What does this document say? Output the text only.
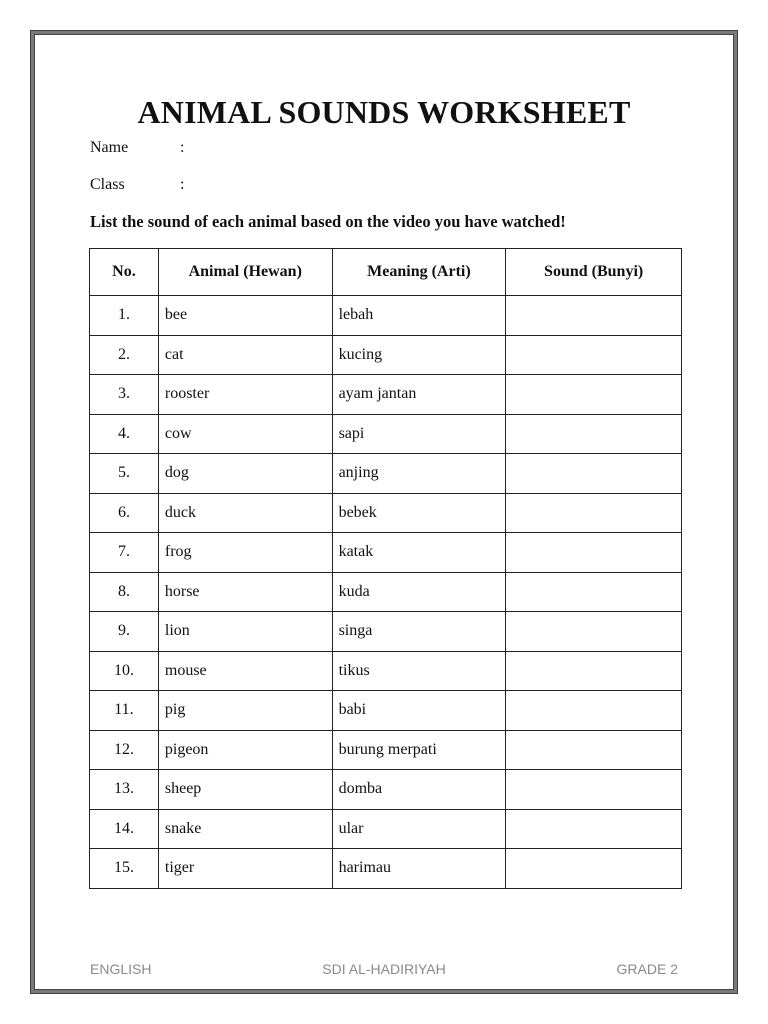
ANIMAL SOUNDS WORKSHEET
Name	:
Class	:
List the sound of each animal based on the video you have watched!
No.	Animal (Hewan)	Meaning (Arti)	Sound (Bunyi)
1.	bee	lebah	
2.	cat	kucing	
3.	rooster	ayam jantan	
4.	cow	sapi	
5.	dog	anjing	
6.	duck	bebek	
7.	frog	katak	
8.	horse	kuda	
9.	lion	singa	
10.	mouse	tikus	
11.	pig	babi	
12.	pigeon	burung merpati	
13.	sheep	domba	
14.	snake	ular	
15.	tiger	harimau	
ENGLISH	SDI AL-HADIRIYAH	GRADE 2
